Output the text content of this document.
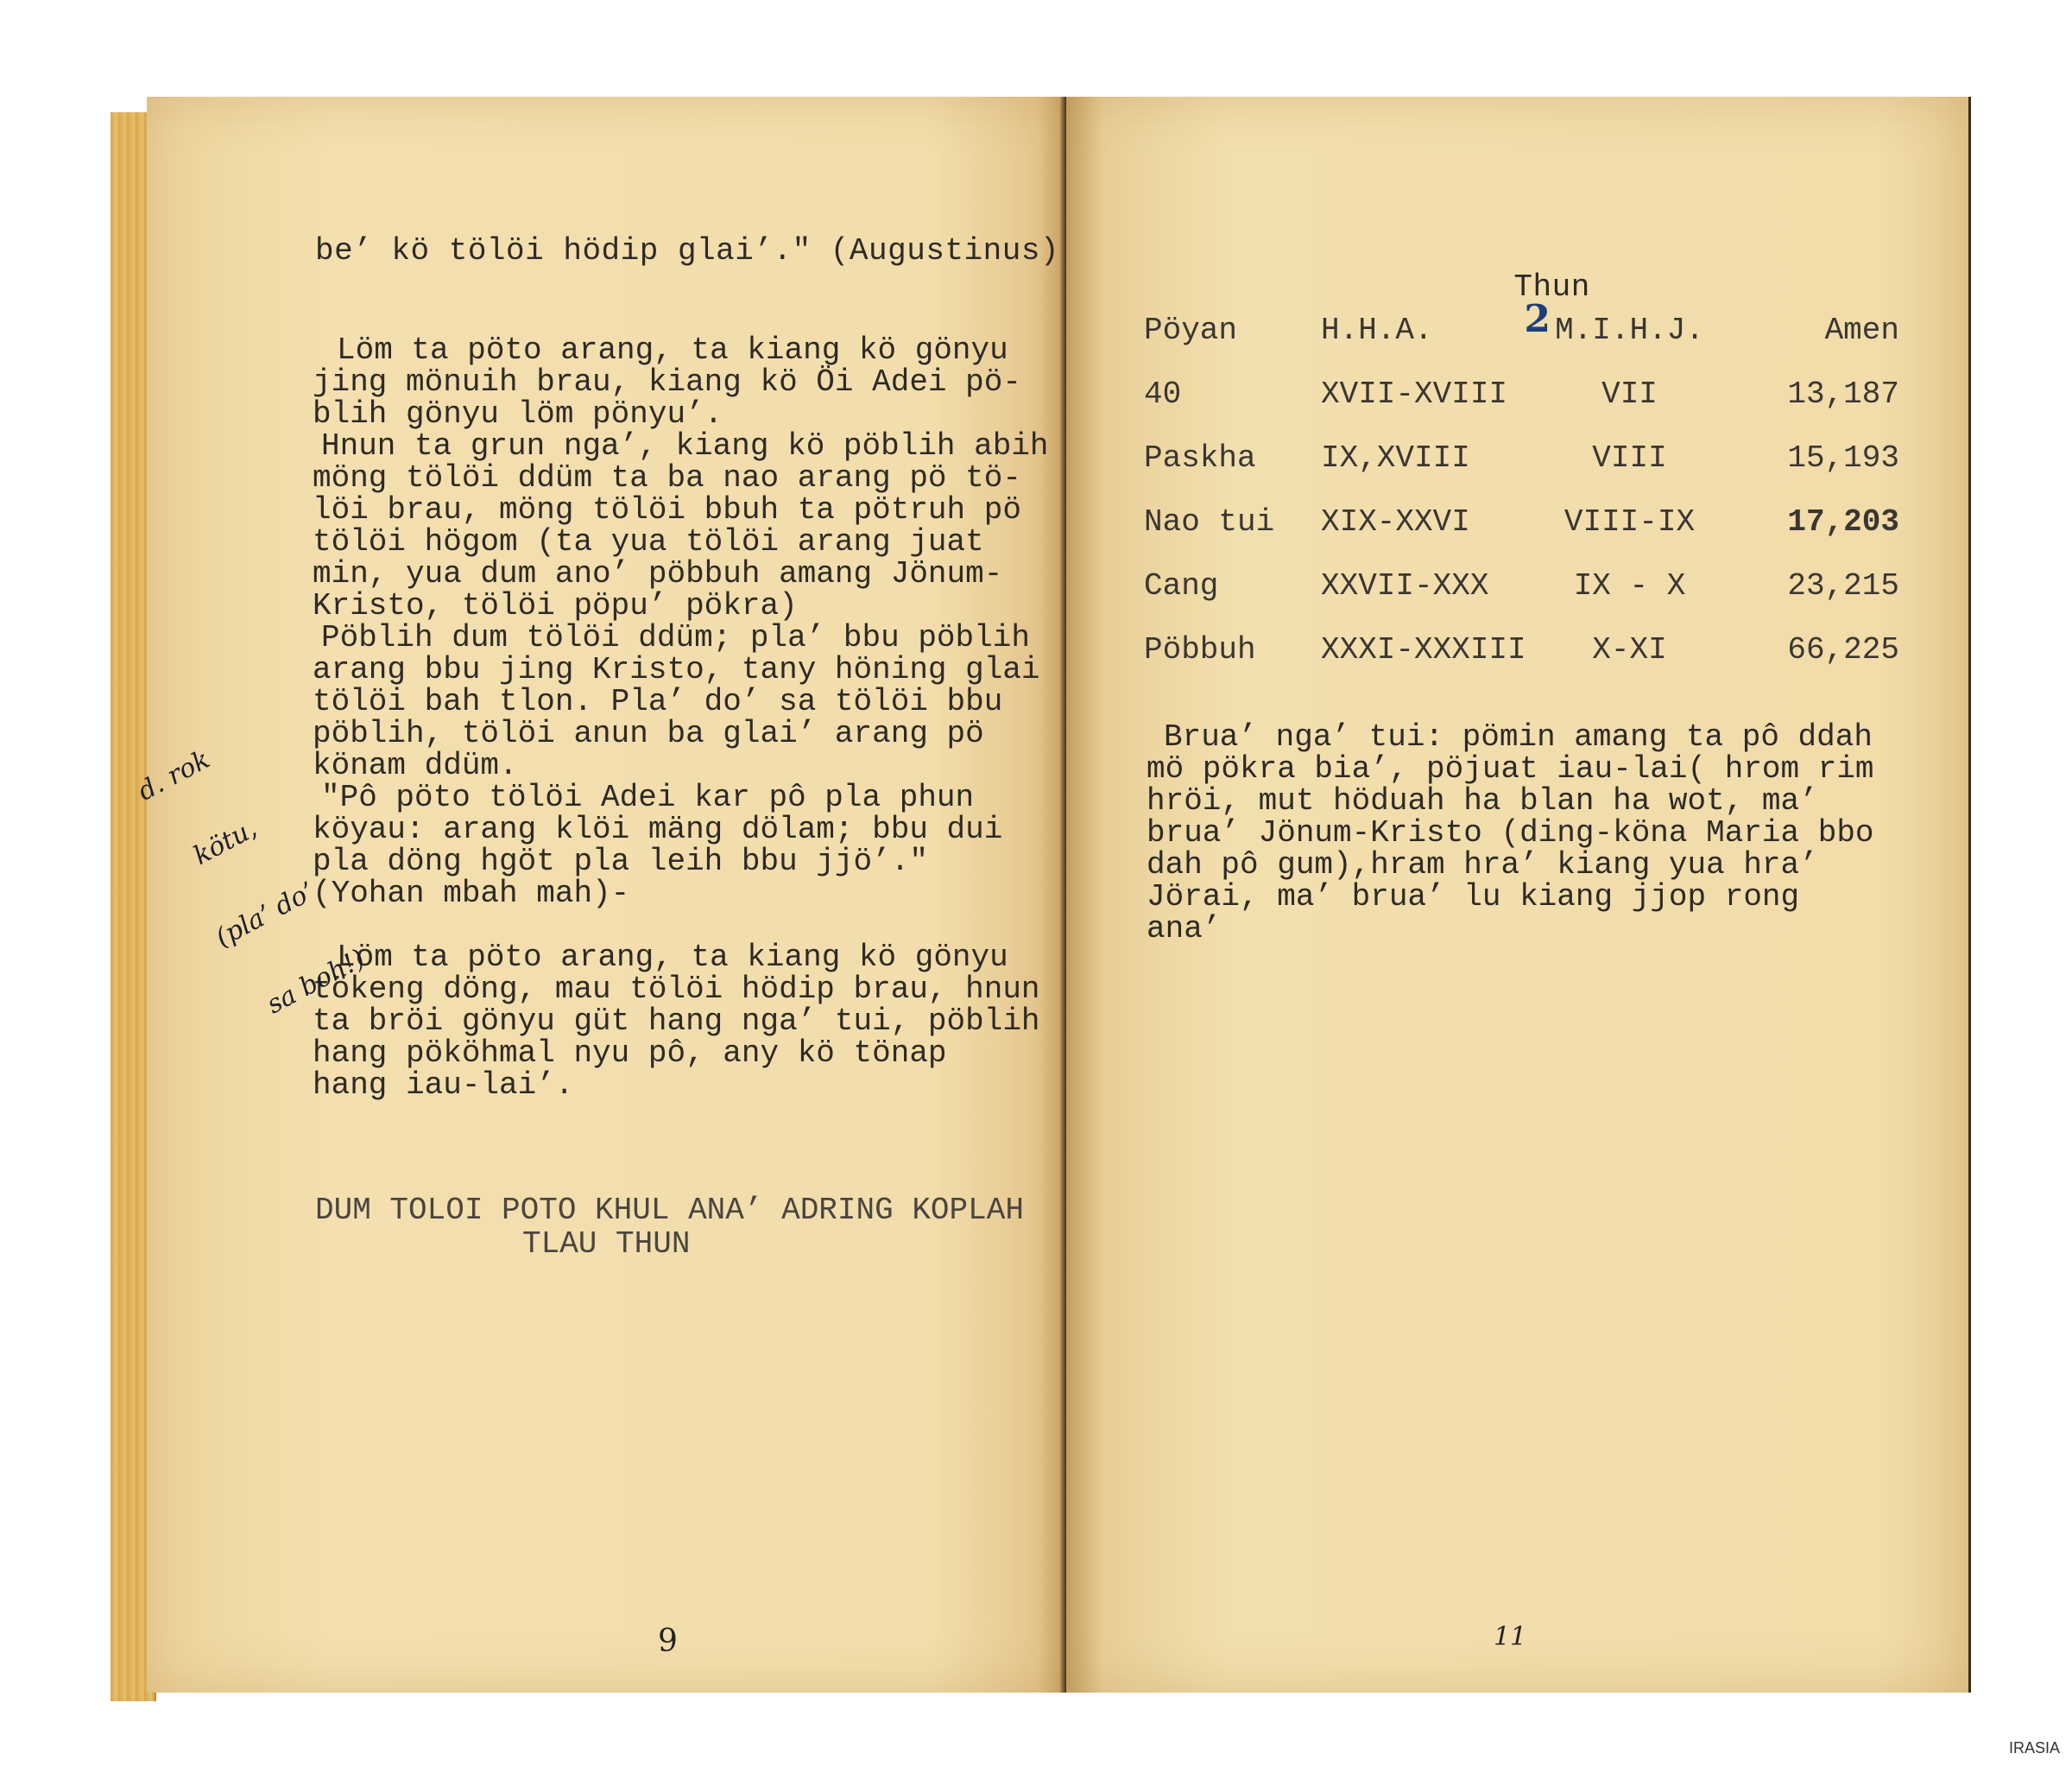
be’ kö tölöi hödip glai’." (Augustinus)
Löm ta pöto arang, ta kiang kö gönyu
jing mönuih brau, kiang kö Öi Adei pö-
blih gönyu löm pönyu’.
Hnun ta grun nga’, kiang kö pöblih abih
möng tölöi ddüm ta ba nao arang pö tö-
löi brau, möng tölöi bbuh ta pötruh pö
tölöi högom (ta yua tölöi arang juat
min, yua dum ano’ pöbbuh amang Jönum-
Kristo, tölöi pöpu’ pökra)
Pöblih dum tölöi ddüm; pla’ bbu pöblih
arang bbu jing Kristo, tany höning glai
tölöi bah tlon. Pla’ do’ sa tölöi bbu
pöblih, tölöi anun ba glai’ arang pö
könam ddüm.
"Pô pöto tölöi Adei kar pô pla phun
köyau: arang klöi mäng dölam; bbu dui
pla döng hgöt pla leih bbu jjö’."
(Yohan mbah mah)-
Löm ta pöto arang, ta kiang kö gönyu
tökeng döng, mau tölöi hödip brau, hnun
ta bröi gönyu güt hang nga’ tui, pöblih
hang pököhmal nyu pô, any kö tönap
hang iau-lai’.
DUM TOLOI POTO KHUL ANA’ ADRING KOPLAH
TLAU THUN

d. rok

kötu,

(pla’ do’

sa boh!)

9

Thun
2

Pöyan	H.H.A.	M.I.H.J.	Amen
40	XVII-XVIII	VII	13,187
Paskha	IX,XVIII	VIII	15,193
Nao tui	XIX-XXVI	VIII-IX	17,203
Cang	XXVII-XXX	IX - X	23,215
Pöbbuh	XXXI-XXXIII	X-XI	66,225
Brua’ nga’ tui: pömin amang ta pô ddah
mö pökra bia’, pöjuat iau-lai( hrom rim
hröi, mut höduah ha blan ha wot, ma’
brua’ Jönum-Kristo (ding-köna Maria bbo
dah pô gum),hram hra’ kiang yua hra’
Jörai, ma’ brua’ lu kiang jjop rong
ana’
11
IRASIA
